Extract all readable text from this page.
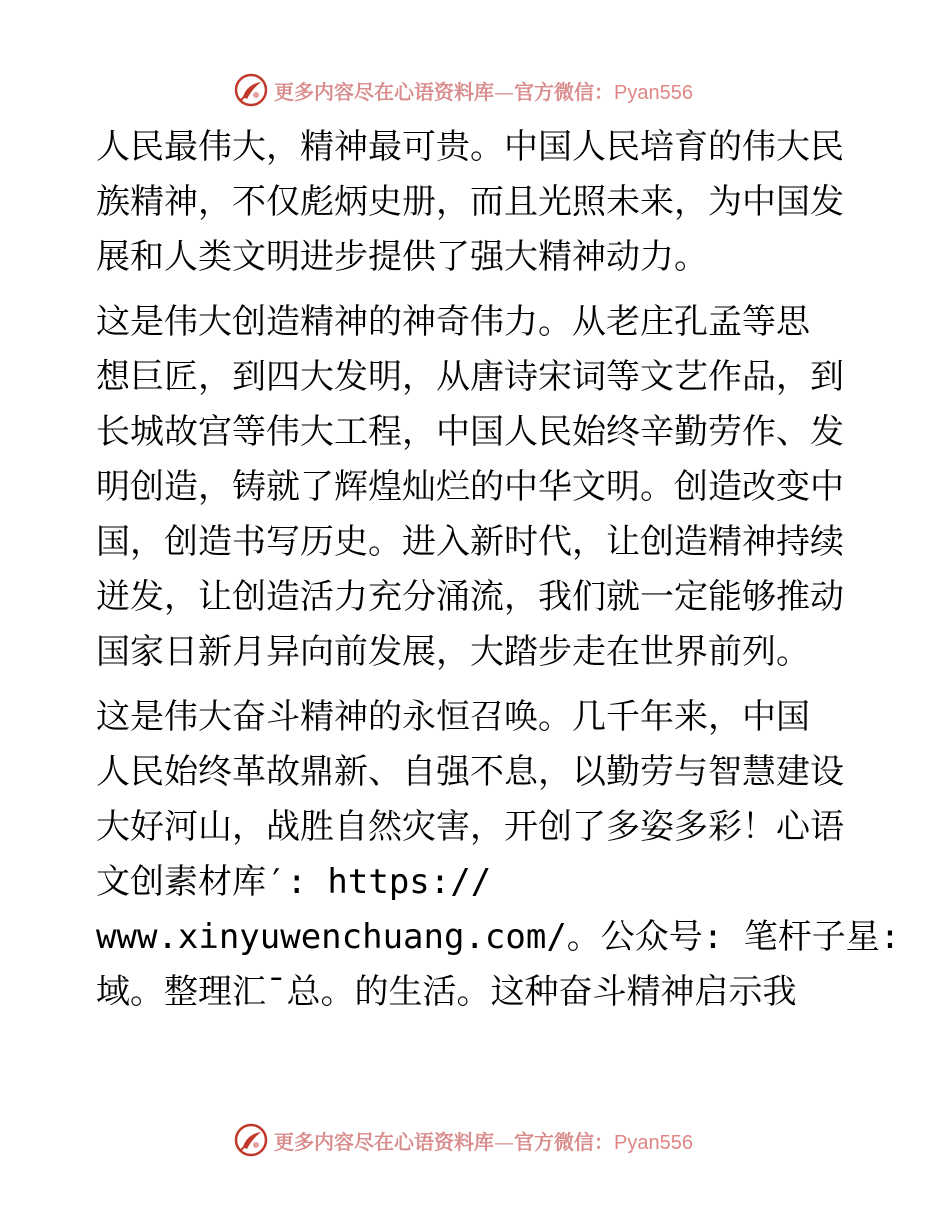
更多内容尽在心语资料库—官方微信：Pyan556

人民最伟大，精神最可贵。中国人民培育的伟大民
族精神，不仅彪炳史册，而且光照未来，为中国发
展和人类文明进步提供了强大精神动力。

这是伟大创造精神的神奇伟力。从老庄孔孟等思
想巨匠，到四大发明，从唐诗宋词等文艺作品，到
长城故宫等伟大工程，中国人民始终辛勤劳作、发
明创造，铸就了辉煌灿烂的中华文明。创造改变中
国，创造书写历史。进入新时代，让创造精神持续
迸发，让创造活力充分涌流，我们就一定能够推动
国家日新月异向前发展，大踏步走在世界前列。

这是伟大奋斗精神的永恒召唤。几千年来，中国
人民始终革故鼎新、自强不息，以勤劳与智慧建设
大好河山，战胜自然灾害，开创了多姿多彩！心语
文创素材库′: https://
www.xinyuwenchuang.com/。公众号: 笔杆子星:
域。整理汇¯总。的生活。这种奋斗精神启示我

更多内容尽在心语资料库—官方微信：Pyan556
